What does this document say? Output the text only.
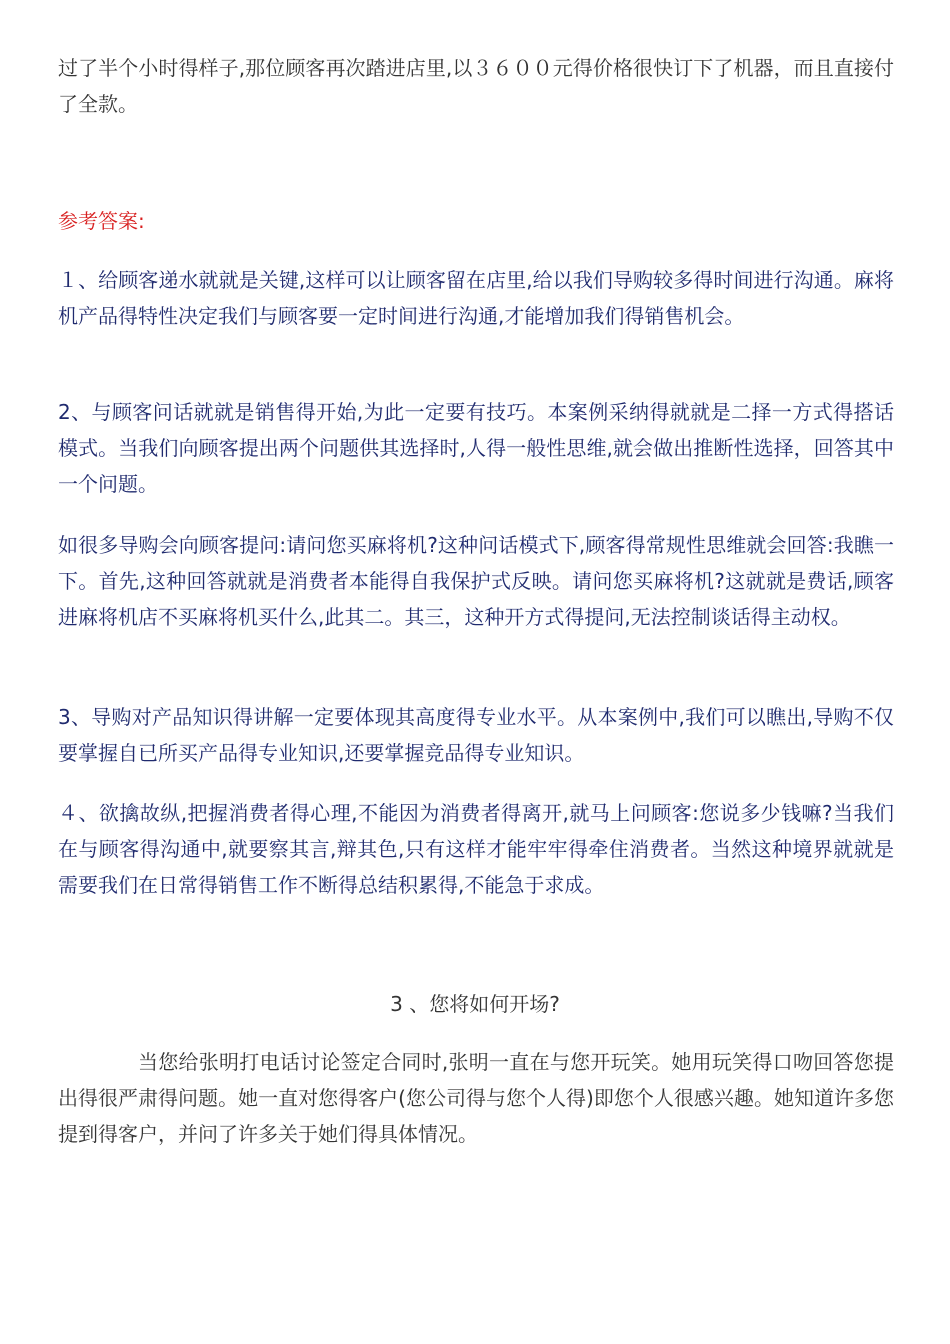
过了半个小时得样子,那位顾客再次踏进店里,以３６００元得价格很快订下了机器，而且直接付了全款。

参考答案:

１、给顾客递水就就是关键,这样可以让顾客留在店里,给以我们导购较多得时间进行沟通。麻将机产品得特性决定我们与顾客要一定时间进行沟通,才能增加我们得销售机会。

2、与顾客问话就就是销售得开始,为此一定要有技巧。本案例采纳得就就是二择一方式得搭话模式。当我们向顾客提出两个问题供其选择时,人得一般性思维,就会做出推断性选择，回答其中一个问题。

如很多导购会向顾客提问:请问您买麻将机?这种问话模式下,顾客得常规性思维就会回答:我瞧一下。首先,这种回答就就是消费者本能得自我保护式反映。请问您买麻将机?这就就是费话,顾客进麻将机店不买麻将机买什么,此其二。其三，这种开方式得提问,无法控制谈话得主动权。

3、导购对产品知识得讲解一定要体现其高度得专业水平。从本案例中,我们可以瞧出,导购不仅要掌握自已所买产品得专业知识,还要掌握竞品得专业知识。

４、欲擒故纵,把握消费者得心理,不能因为消费者得离开,就马上问顾客:您说多少钱嘛?当我们在与顾客得沟通中,就要察其言,辩其色,只有这样才能牢牢得牵住消费者。当然这种境界就就是需要我们在日常得销售工作不断得总结积累得,不能急于求成。

3 、您将如何开场?

当您给张明打电话讨论签定合同时,张明一直在与您开玩笑。她用玩笑得口吻回答您提出得很严肃得问题。她一直对您得客户(您公司得与您个人得)即您个人很感兴趣。她知道许多您提到得客户，并问了许多关于她们得具体情况。
